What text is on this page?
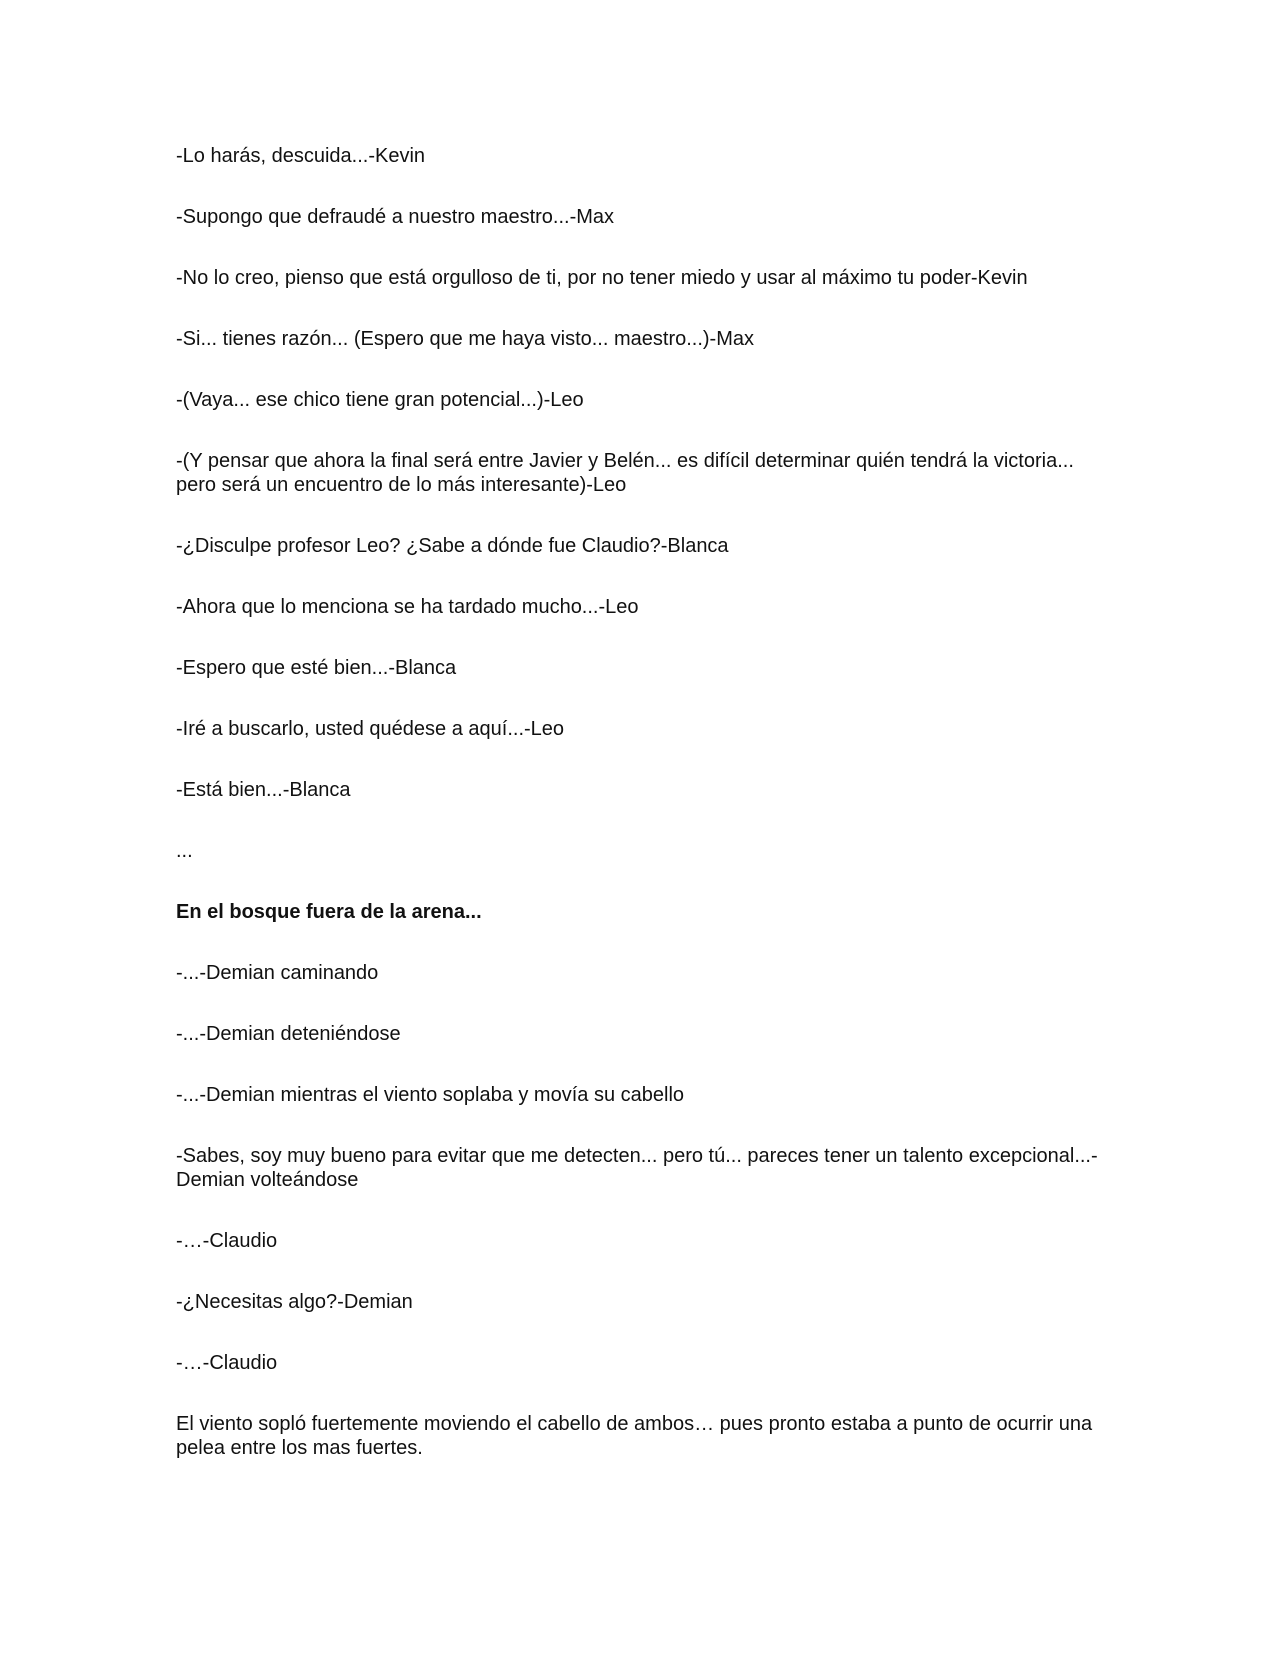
-Lo harás, descuida...-Kevin

-Supongo que defraudé a nuestro maestro...-Max

-No lo creo, pienso que está orgulloso de ti, por no tener miedo y usar al máximo tu poder-Kevin

-Si... tienes razón... (Espero que me haya visto... maestro...)-Max

-(Vaya... ese chico tiene gran potencial...)-Leo

-(Y pensar que ahora la final será entre Javier y Belén... es difícil determinar quién tendrá la victoria... pero será un encuentro de lo más interesante)-Leo

-¿Disculpe profesor Leo? ¿Sabe a dónde fue Claudio?-Blanca

-Ahora que lo menciona se ha tardado mucho...-Leo

-Espero que esté bien...-Blanca

-Iré a buscarlo, usted quédese a aquí...-Leo

-Está bien...-Blanca

...

En el bosque fuera de la arena...

-...-Demian caminando

-...-Demian deteniéndose

-...-Demian mientras el viento soplaba y movía su cabello

-Sabes, soy muy bueno para evitar que me detecten... pero tú... pareces tener un talento excepcional...-Demian volteándose

-…-Claudio

-¿Necesitas algo?-Demian

-…-Claudio

El viento sopló fuertemente moviendo el cabello de ambos… pues pronto estaba a punto de ocurrir una pelea entre los mas fuertes.
